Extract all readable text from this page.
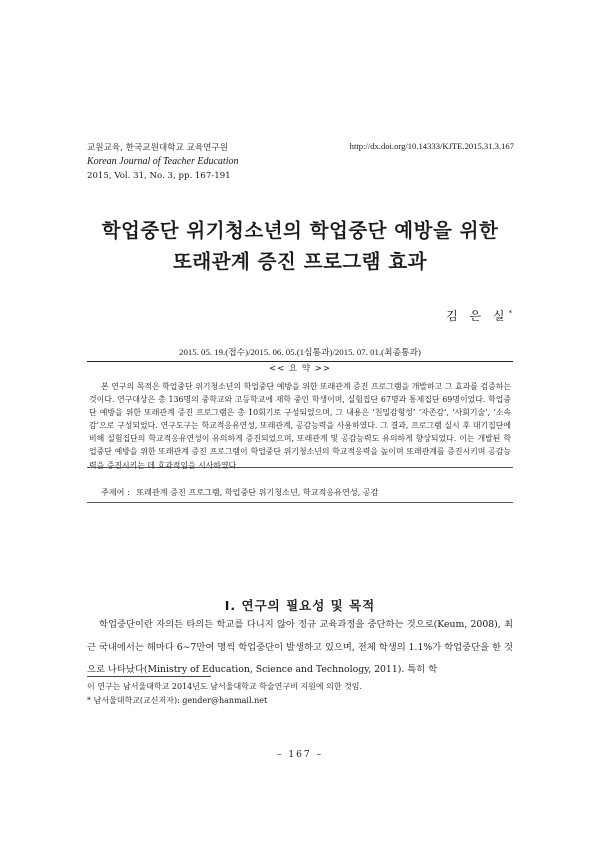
교원교육, 한국교원대학교 교육연구원
Korean Journal of Teacher Education
2015, Vol. 31, No. 3, pp. 167-191
http://dx.doi.org/10.14333/KJTE.2015.31.3.167
학업중단 위기청소년의 학업중단 예방을 위한
또래관계 증진 프로그램 효과
김 은 실*
2015. 05. 19.(접수)/2015. 06. 05.(1심통과)/2015. 07. 01.(최종통과)
<< 요 약 >>
본 연구의 목적은 학업중단 위기청소년의 학업중단 예방을 위한 또래관계 증진 프로그램을 개발하고 그 효과를 검증하는 것이다. 연구대상은 총 136명의 중학교와 고등학교에 재학 중인 학생이며, 실험집단 67명과 통제집단 69명이었다. 학업중단 예방을 위한 또래관계 증진 프로그램은 총 10회기로 구성되었으며, 그 내용은 ‘친밀감형성’ ‘자존감’, ‘사회기술’, ‘소속감’으로 구성되었다. 연구도구는 학교적응유연성, 또래관계, 공감능력을 사용하였다. 그 결과, 프로그램 실시 후 대기집단에 비해 실험집단의 학교적응유연성이 유의하게 증진되었으며, 또래관계 및 공감능력도 유의하게 향상되었다. 이는 개발된 학업중단 예방을 위한 또래관계 증진 프로그램이 학업중단 위기청소년의 학교적응력을 높이며 또래관계를 증진시키며 공감능력을 증진시키는 데 효과적임을 시사하였다.
주제어 : 또래관계 증진 프로그램, 학업중단 위기청소년, 학교적응유연성, 공감
Ⅰ. 연구의 필요성 및 목적
학업중단이란 자의든 타의든 학교를 다니지 않아 정규 교육과정을 중단하는 것으로(Keum, 2008), 최근 국내에서는 해마다 6∼7만여 명씩 학업중단이 발생하고 있으며, 전체 학생의 1.1%가 학업중단을 한 것으로 나타났다(Ministry of Education, Science and Technology, 2011). 특히 학
이 연구는 남서울대학교 2014년도 남서울대학교 학술연구비 지원에 의한 것임.
* 남서울대학교(교신저자): gender@hanmail.net
– 167 –
